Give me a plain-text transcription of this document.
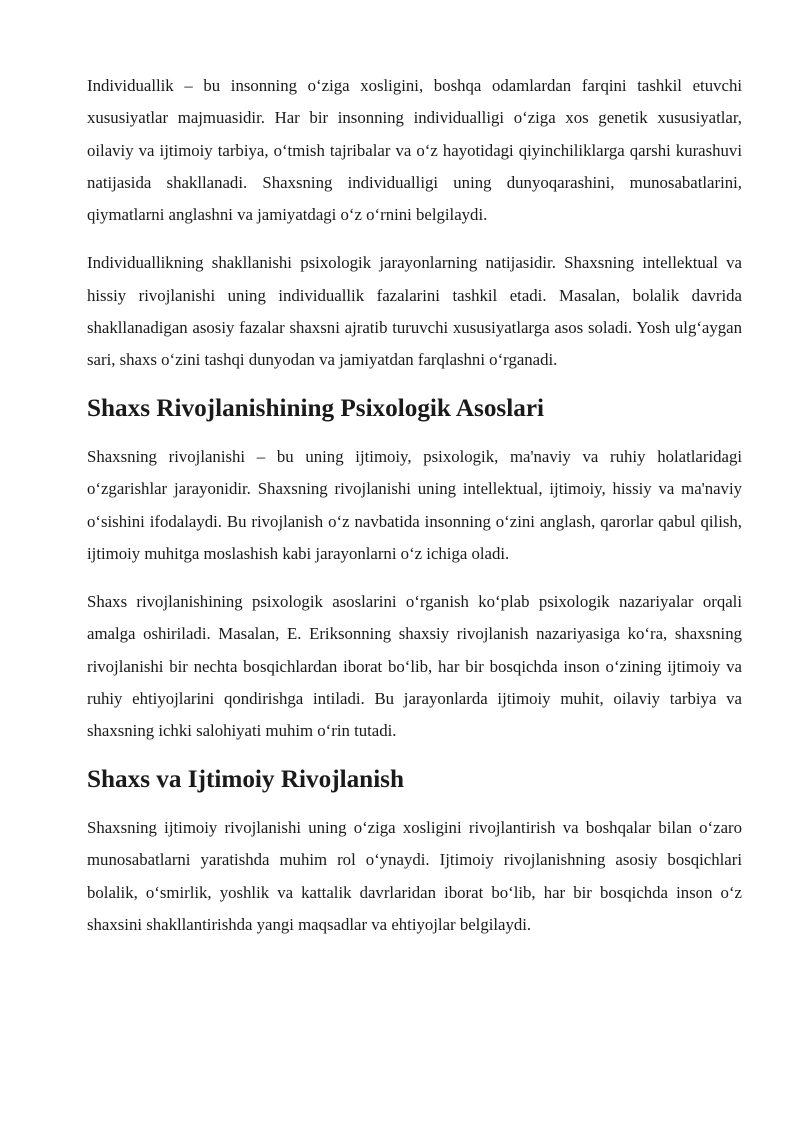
Individuallik – bu insonning oʻziga xosligini, boshqa odamlardan farqini tashkil etuvchi xususiyatlar majmuasidir. Har bir insonning individualligi oʻziga xos genetik xususiyatlar, oilaviy va ijtimoiy tarbiya, oʻtmish tajribalar va oʻz hayotidagi qiyinchiliklarga qarshi kurashuvi natijasida shakllanadi. Shaxsning individualligi uning dunyoqarashini, munosabatlarini, qiymatlarni anglashni va jamiyatdagi oʻz oʻrnini belgilaydi.

Individuallikning shakllanishi psixologik jarayonlarning natijasidir. Shaxsning intellektual va hissiy rivojlanishi uning individuallik fazalarini tashkil etadi. Masalan, bolalik davrida shakllanadigan asosiy fazalar shaxsni ajratib turuvchi xususiyatlarga asos soladi. Yosh ulgʻaygan sari, shaxs oʻzini tashqi dunyodan va jamiyatdan farqlashni oʻrganadi.

Shaxs Rivojlanishining Psixologik Asoslari

Shaxsning rivojlanishi – bu uning ijtimoiy, psixologik, ma'naviy va ruhiy holatlaridagi oʻzgarishlar jarayonidir. Shaxsning rivojlanishi uning intellektual, ijtimoiy, hissiy va ma'naviy oʻsishini ifodalaydi. Bu rivojlanish oʻz navbatida insonning oʻzini anglash, qarorlar qabul qilish, ijtimoiy muhitga moslashish kabi jarayonlarni oʻz ichiga oladi.

Shaxs rivojlanishining psixologik asoslarini oʻrganish koʻplab psixologik nazariyalar orqali amalga oshiriladi. Masalan, E. Eriksonning shaxsiy rivojlanish nazariyasiga koʻra, shaxsning rivojlanishi bir nechta bosqichlardan iborat boʻlib, har bir bosqichda inson oʻzining ijtimoiy va ruhiy ehtiyojlarini qondirishga intiladi. Bu jarayonlarda ijtimoiy muhit, oilaviy tarbiya va shaxsning ichki salohiyati muhim oʻrin tutadi.

Shaxs va Ijtimoiy Rivojlanish

Shaxsning ijtimoiy rivojlanishi uning oʻziga xosligini rivojlantirish va boshqalar bilan oʻzaro munosabatlarni yaratishda muhim rol oʻynaydi. Ijtimoiy rivojlanishning asosiy bosqichlari bolalik, oʻsmirlik, yoshlik va kattalik davrlaridan iborat boʻlib, har bir bosqichda inson oʻz shaxsini shakllantirishda yangi maqsadlar va ehtiyojlar belgilaydi.
